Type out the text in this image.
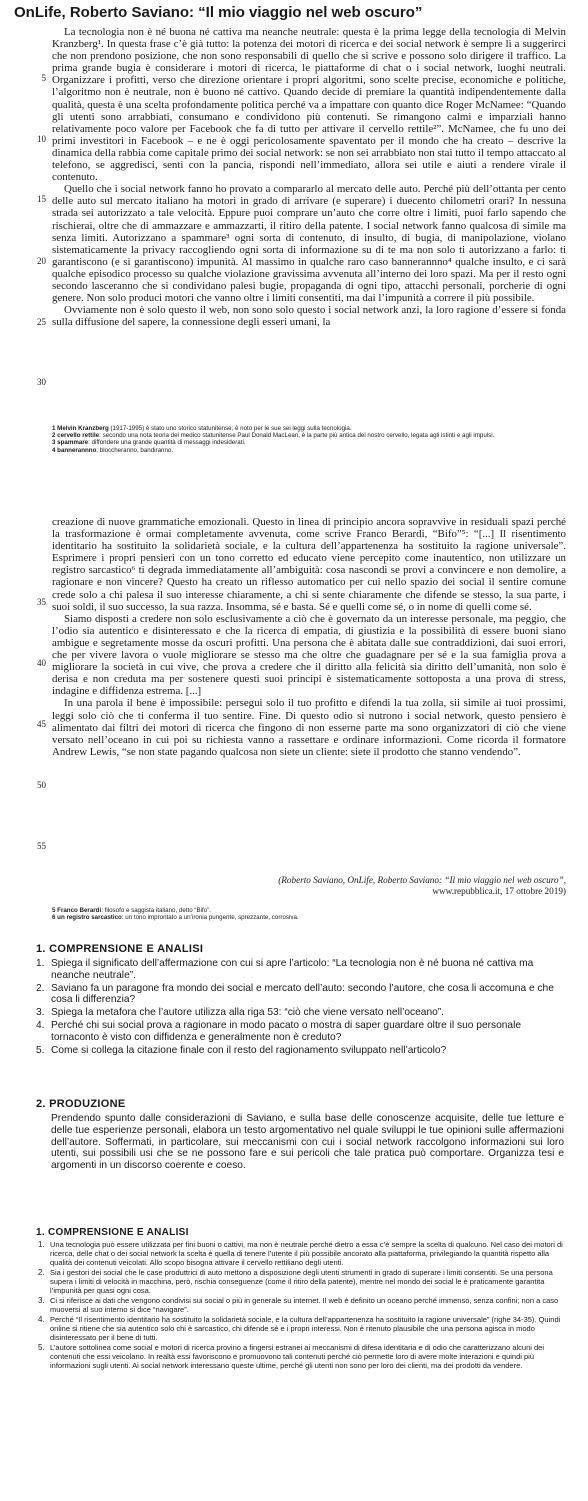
OnLife, Roberto Saviano: “Il mio viaggio nel web oscuro”

La tecnologia non è né buona né cattiva ma neanche neutrale: questa è la prima legge della tecnologia di Melvin Kranzberg¹. In questa frase c’è già tutto: la potenza dei motori di ricerca e dei social network è sempre lì a suggerirci che non prendono posizione, che non sono responsabili di quello che si scrive e possono solo dirigere il traffico. La prima grande bugia è considerare i motori di ricerca, le piattaforme di chat o i social network, luoghi neutrali. Organizzare i profitti, verso che direzione orientare i propri algoritmi, sono scelte precise, economiche e politiche, l’algoritmo non è neutrale, non è buono né cattivo. Quando decide di premiare la quantità indipendentemente dalla qualità, questa è una scelta profondamente politica perché va a impattare con quanto dice Roger McNamee: “Quando gli utenti sono arrabbiati, consumano e condividono più contenuti. Se rimangono calmi e imparziali hanno relativamente poco valore per Facebook che fa di tutto per attivare il cervello rettile²”. McNamee, che fu uno dei primi investitori in Facebook – e ne è oggi pericolosamente spaventato per il mondo che ha creato – descrive la dinamica della rabbia come capitale primo dei social network: se non sei arrabbiato non stai tutto il tempo attaccato al telefono, se aggredisci, senti con la pancia, rispondi nell’immediato, allora sei utile e aiuti a rendere virale il contenuto.

Quello che i social network fanno ho provato a compararlo al mercato delle auto. Perché più dell’ottanta per cento delle auto sul mercato italiano ha motori in grado di arrivare (e superare) i duecento chilometri orari? In nessuna strada sei autorizzato a tale velocità. Eppure puoi comprare un’auto che corre oltre i limiti, puoi farlo sapendo che rischierai, oltre che di ammazzare e ammazzarti, il ritiro della patente. I social network fanno qualcosa di simile ma senza limiti. Autorizzano a spammare³ ogni sorta di contenuto, di insulto, di bugia, di manipolazione, violano sistematicamente la privacy raccogliendo ogni sorta di informazione su di te ma non solo ti autorizzano a farlo: ti garantiscono (e si garantiscono) impunità. Al massimo in qualche raro caso bannerannno⁴ qualche insulto, e ci sarà qualche episodico processo su qualche violazione gravissima avvenuta all’interno dei loro spazi. Ma per il resto ogni secondo lasceranno che si condividano palesi bugie, propaganda di ogni tipo, attacchi personali, porcherie di ogni genere. Non solo produci motori che vanno oltre i limiti consentiti, ma dai l’impunità a correre il più possibile.

Ovviamente non è solo questo il web, non sono solo questo i social network anzi, la loro ragione d’essere si fonda sulla diffusione del sapere, la connessione degli esseri umani, la

5
10
15
20
25
30
35
40
45
50
55

1 Melvin Kranzberg (1917-1995) è stato uno storico statunitense; è noto per le sue sei leggi sulla tecnologia.

2 cervello rettile: secondo una nota teoria del medico statunitense Paul Donald MacLean, è la parte più antica del nostro cervello, legata agli istinti e agli impulsi.

3 spammare: diffondere una grande quantità di messaggi indesiderati.

4 bannerannno: bloccheranno, bandiranno.

creazione di nuove grammatiche emozionali. Questo in linea di principio ancora sopravvive in residuali spazi perché la trasformazione è ormai completamente avvenuta, come scrive Franco Berardi, “Bifo”⁵: “[...] Il risentimento identitario ha sostituito la solidarietà sociale, e la cultura dell’appartenenza ha sostituito la ragione universale”. Esprimere i propri pensieri con un tono corretto ed educato viene percepito come inautentico, non utilizzare un registro sarcastico⁶ ti degrada immediatamente all’ambiguità: cosa nascondi se provi a convincere e non demolire, a ragionare e non vincere? Questo ha creato un riflesso automatico per cui nello spazio dei social il sentire comune crede solo a chi palesa il suo interesse chiaramente, a chi si sente chiaramente che difende se stesso, la sua parte, i suoi soldi, il suo successo, la sua razza. Insomma, sé e basta. Sé e quelli come sé, o in nome di quelli come sé.

Siamo disposti a credere non solo esclusivamente a ciò che è governato da un interesse personale, ma peggio, che l’odio sia autentico e disinteressato e che la ricerca di empatia, di giustizia e la possibilità di essere buoni siano ambigue e segretamente mosse da oscuri profitti. Una persona che è abitata dalle sue contraddizioni, dai suoi errori, che per vivere lavora o vuole migliorare se stesso ma che oltre che guadagnare per sé e la sua famiglia prova a migliorare la società in cui vive, che prova a credere che il diritto alla felicità sia diritto dell’umanità, non solo è derisa e non creduta ma per sostenere questi suoi principi è sistematicamente sottoposta a una prova di stress, indagine e diffidenza estrema. [...]

In una parola il bene è impossibile: persegui solo il tuo profitto e difendi la tua zolla, sii simile ai tuoi prossimi, leggi solo ciò che ti conferma il tuo sentire. Fine. Di questo odio si nutrono i social network, questo pensiero è alimentato dai filtri dei motori di ricerca che fingono di non esserne parte ma sono organizzatori di ciò che viene versato nell’oceano in cui poi su richiesta vanno a rassettare e ordinare informazioni. Come ricorda il formatore Andrew Lewis, “se non state pagando qualcosa non siete un cliente: siete il prodotto che stanno vendendo”.

(Roberto Saviano, OnLife, Roberto Saviano: “Il mio viaggio nel web oscuro”,
www.repubblica.it, 17 ottobre 2019)

5 Franco Berardi: filosofo e saggista italiano, detto “Bifo”.

6 un registro sarcastico: un tono improntato a un’ironia pungente, sprezzante, corrosiva.

1. COMPRENSIONE E ANALISI
1. Spiega il significato dell’affermazione con cui si apre l’articolo: “La tecnologia non è né buona né cattiva ma neanche neutrale”.
2. Saviano fa un paragone fra mondo dei social e mercato dell’auto: secondo l’autore, che cosa li accomuna e che cosa li differenzia?
3. Spiega la metafora che l’autore utilizza alla riga 53: “ciò che viene versato nell’oceano”.
4. Perché chi sui social prova a ragionare in modo pacato o mostra di saper guardare oltre il suo personale tornaconto è visto con diffidenza e generalmente non è creduto?
5. Come si collega la citazione finale con il resto del ragionamento sviluppato nell’articolo?
2. PRODUZIONE
Prendendo spunto dalle considerazioni di Saviano, e sulla base delle conoscenze acquisite, delle tue letture e delle tue esperienze personali, elabora un testo argomentativo nel quale sviluppi le tue opinioni sulle affermazioni dell’autore. Soffermati, in particolare, sui meccanismi con cui i social network raccolgono informazioni sui loro utenti, sui possibili usi che se ne possono fare e sui pericoli che tale pratica può comportare. Organizza tesi e argomenti in un discorso coerente e coeso.
1. COMPRENSIONE E ANALISI
1. Una tecnologia può essere utilizzata per fini buoni o cattivi, ma non è neutrale perché dietro a essa c’è sempre la scelta di qualcuno. Nel caso dei motori di ricerca, delle chat o dei social network la scelta è quella di tenere l’utente il più possibile ancorato alla piattaforma, privilegiando la quantità rispetto alla qualità dei contenuti veicolati. Allo scopo bisogna attivare il cervello rettiliano degli utenti.
2. Sia i gestori dei social che le case produttrici di auto mettono a disposizione degli utenti strumenti in grado di superare i limiti consentiti. Se una persona supera i limiti di velocità in macchina, però, rischia conseguenze (come il ritiro della patente), mentre nel mondo dei social le è praticamente garantita l’impunità per quasi ogni cosa.
3. Ci si riferisce ai dati che vengono condivisi sui social o più in generale su internet. Il web è definito un oceano perché immenso, senza confini; non a caso muoversi al suo interno si dice “navigare”.
4. Perché “Il risentimento identitario ha sostituito la solidarietà sociale, e la cultura dell’appartenenza ha sostituito la ragione universale” (righe 34-35). Quindi online si ritiene che sia autentico solo chi è sarcastico, chi difende sé e i propri interessi. Non è ritenuto plausibile che una persona agisca in modo disinteressato per il bene di tutti.
5. L’autore sottolinea come social e motori di ricerca provino a fingersi estranei ai meccanismi di difesa identitaria e di odio che caratterizzano alcuni dei contenuti che essi veicolano. In realtà essi favoriscono e promuovono tali contenuti perché ciò permette loro di avere molte interazioni e quindi più informazioni sugli utenti. Ai social network interessano queste ultime, perché gli utenti non sono per loro dei clienti, ma dei prodotti da vendere.
